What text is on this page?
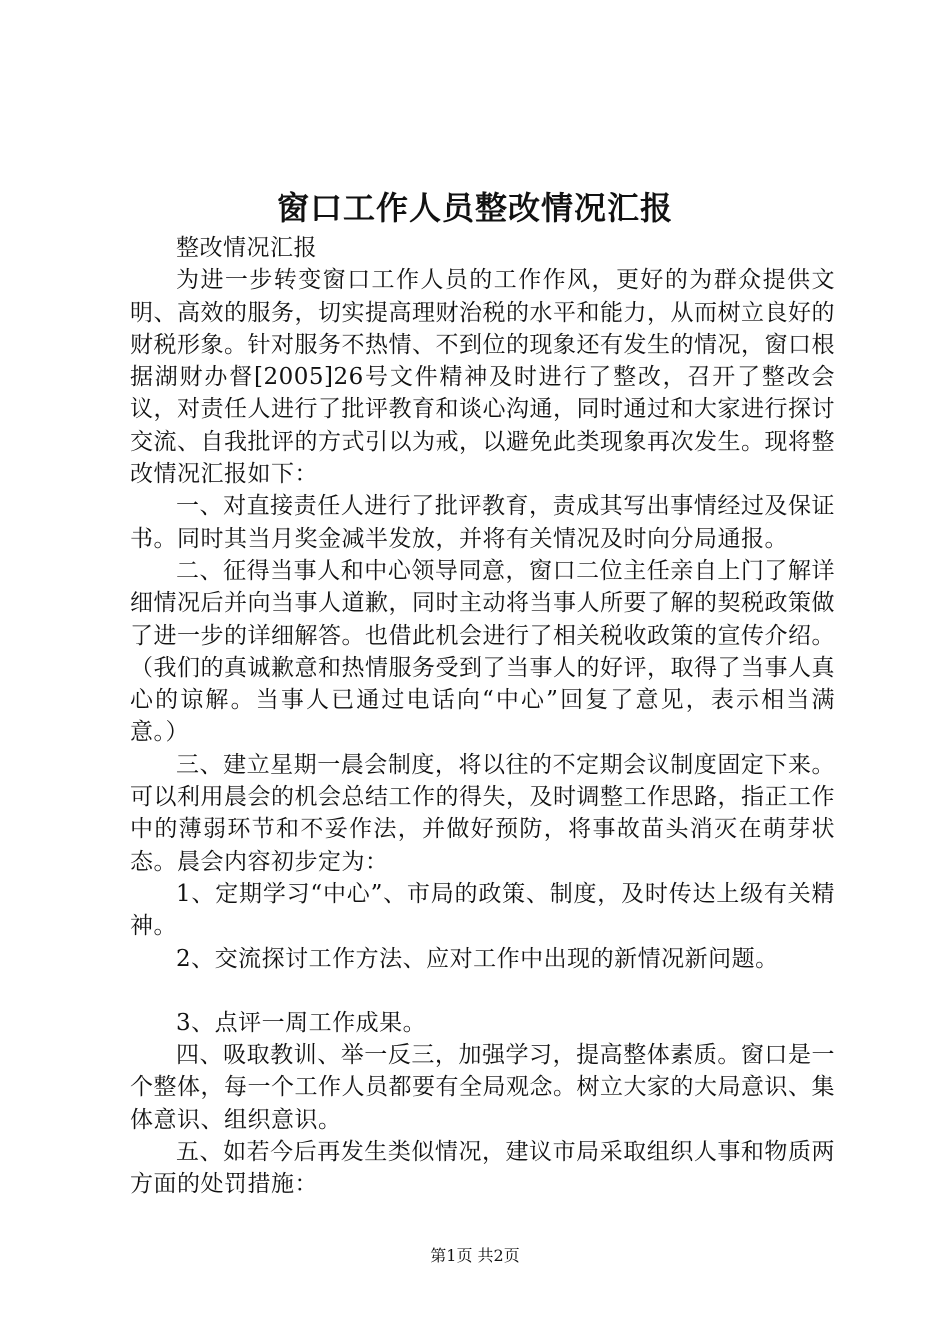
窗口工作人员整改情况汇报

整改情况汇报

为进一步转变窗口工作人员的工作作风，更好的为群众提供文明、高效的服务，切实提高理财治税的水平和能力，从而树立良好的财税形象。针对服务不热情、不到位的现象还有发生的情况，窗口根据湖财办督[2005]26号文件精神及时进行了整改，召开了整改会议，对责任人进行了批评教育和谈心沟通，同时通过和大家进行探讨交流、自我批评的方式引以为戒，以避免此类现象再次发生。现将整改情况汇报如下：

一、对直接责任人进行了批评教育，责成其写出事情经过及保证书。同时其当月奖金减半发放，并将有关情况及时向分局通报。

二、征得当事人和中心领导同意，窗口二位主任亲自上门了解详细情况后并向当事人道歉，同时主动将当事人所要了解的契税政策做了进一步的详细解答。也借此机会进行了相关税收政策的宣传介绍。（我们的真诚歉意和热情服务受到了当事人的好评，取得了当事人真心的谅解。当事人已通过电话向“中心”回复了意见，表示相当满意。）

三、建立星期一晨会制度，将以往的不定期会议制度固定下来。可以利用晨会的机会总结工作的得失，及时调整工作思路，指正工作中的薄弱环节和不妥作法，并做好预防，将事故苗头消灭在萌芽状态。晨会内容初步定为：

1、定期学习“中心”、市局的政策、制度，及时传达上级有关精神。

2、交流探讨工作方法、应对工作中出现的新情况新问题。

3、点评一周工作成果。

四、吸取教训、举一反三，加强学习，提高整体素质。窗口是一个整体，每一个工作人员都要有全局观念。树立大家的大局意识、集体意识、组织意识。

五、如若今后再发生类似情况，建议市局采取组织人事和物质两方面的处罚措施：

第1页 共2页
